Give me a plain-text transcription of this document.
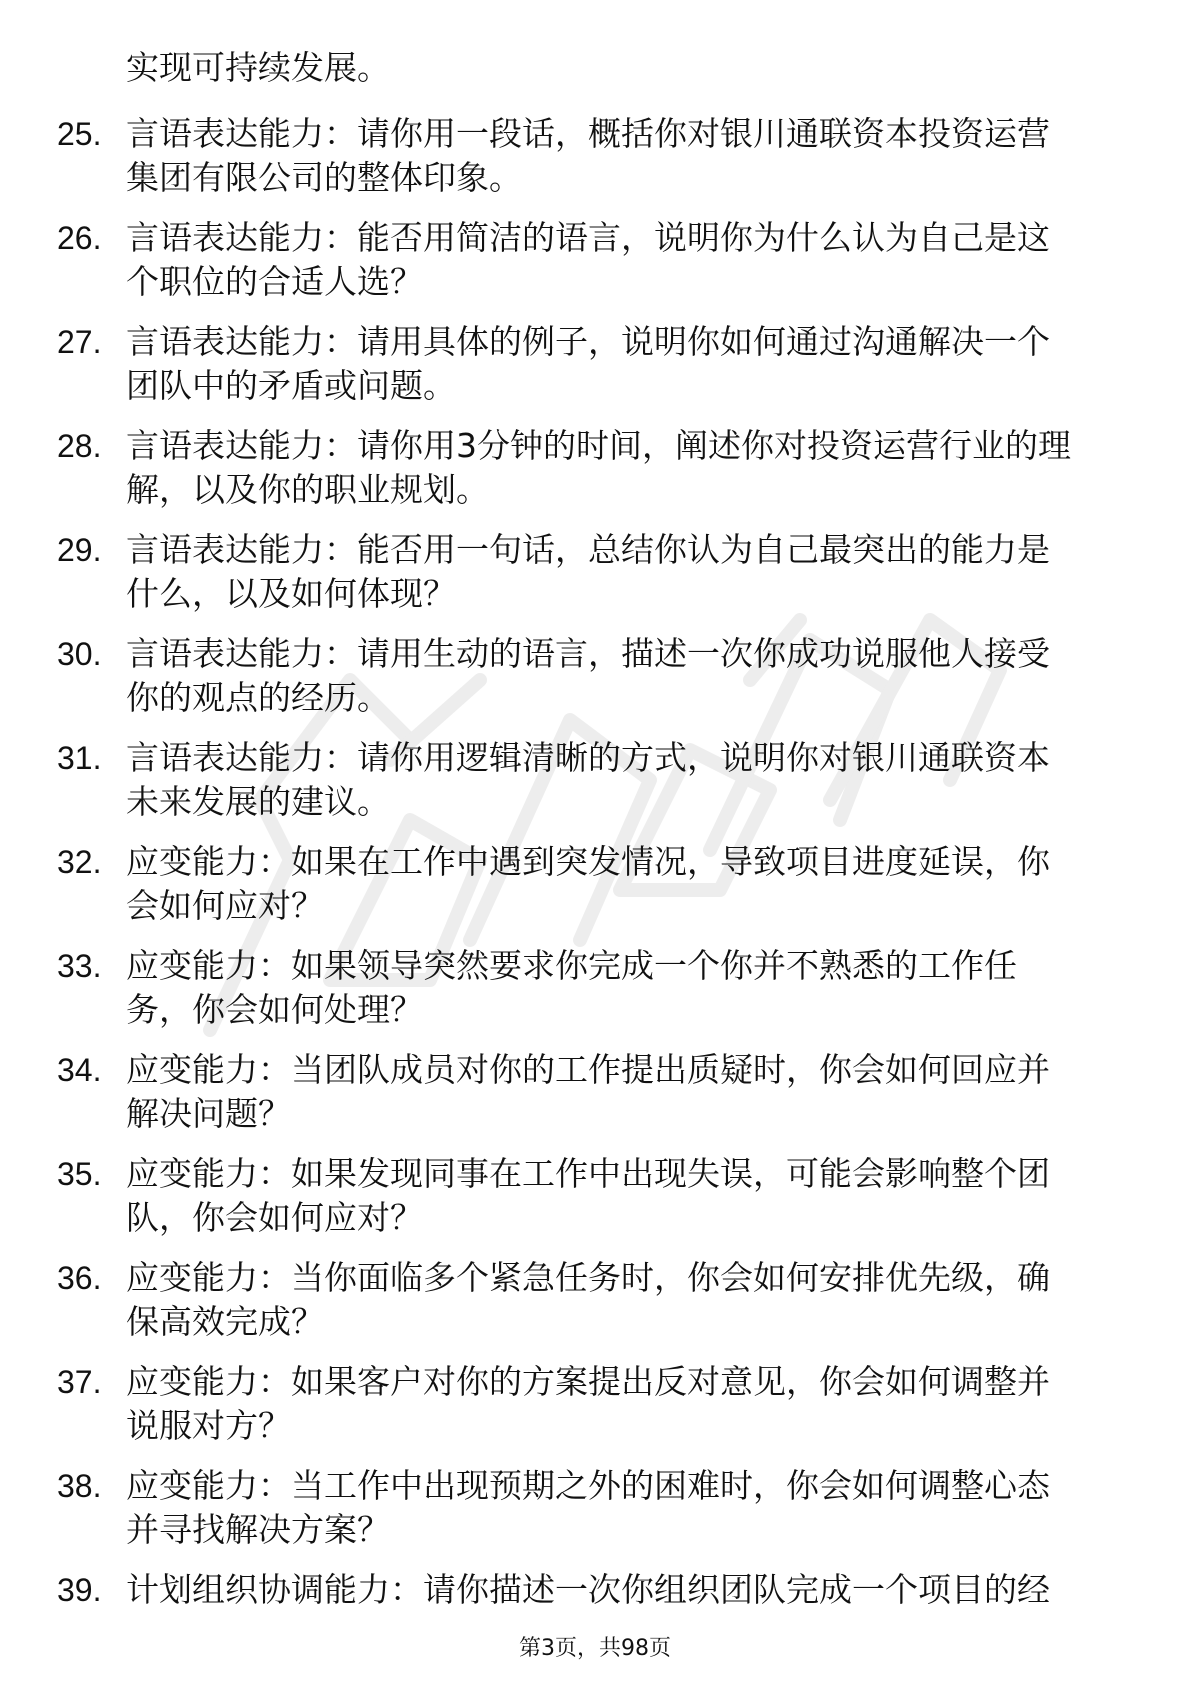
实现可持续发展。

25. 言语表达能力：请你用一段话，概括你对银川通联资本投资运营
集团有限公司的整体印象。

26. 言语表达能力：能否用简洁的语言，说明你为什么认为自己是这
个职位的合适人选？

27. 言语表达能力：请用具体的例子，说明你如何通过沟通解决一个
团队中的矛盾或问题。

28. 言语表达能力：请你用3分钟的时间，阐述你对投资运营行业的理
解，以及你的职业规划。

29. 言语表达能力：能否用一句话，总结你认为自己最突出的能力是
什么，以及如何体现？

30. 言语表达能力：请用生动的语言，描述一次你成功说服他人接受
你的观点的经历。

31. 言语表达能力：请你用逻辑清晰的方式，说明你对银川通联资本
未来发展的建议。

32. 应变能力：如果在工作中遇到突发情况，导致项目进度延误，你
会如何应对？

33. 应变能力：如果领导突然要求你完成一个你并不熟悉的工作任
务，你会如何处理？

34. 应变能力：当团队成员对你的工作提出质疑时，你会如何回应并
解决问题？

35. 应变能力：如果发现同事在工作中出现失误，可能会影响整个团
队，你会如何应对？

36. 应变能力：当你面临多个紧急任务时，你会如何安排优先级，确
保高效完成？

37. 应变能力：如果客户对你的方案提出反对意见，你会如何调整并
说服对方？

38. 应变能力：当工作中出现预期之外的困难时，你会如何调整心态
并寻找解决方案？

39. 计划组织协调能力：请你描述一次你组织团队完成一个项目的经

第3页，共98页
